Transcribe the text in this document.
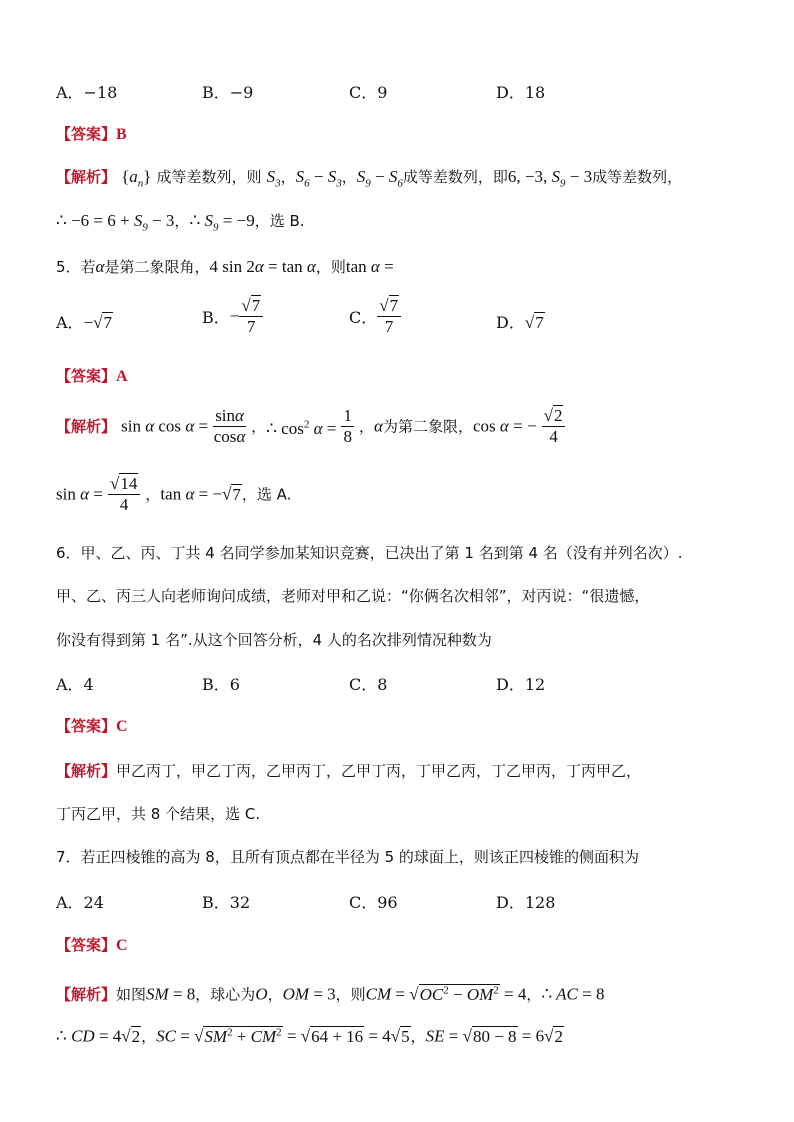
A．−18	B．−9	C．9	D．18
【答案】B
【解析】 $\{a_n\}$ 成等差数列，则 $S_3$，$S_6 - S_3$，$S_9 - S_6$成等差数列，即6, −3, $S_9 - 3$成等差数列，
∴ $-6 = 6 + S_9 - 3$，∴ $S_9 = -9$，选 B.
5．若α是第二象限角，4 sin 2α = tan α，则tan α =
A．−√7	B．− $\frac{√7}{7}$	C． $\frac{√7}{7}$	D．√7
【答案】A
【解析】 sin α $\cos \alpha = \frac{\sin\alpha}{\cos\alpha}$ ，∴ $\cos^2 \alpha = \frac{1}{8}$ ，α为第二象限，cos α = − $\frac{√2}{4}$
$\sin \alpha = \frac{√14}{4}$ ，tan α = −√7，选 A.
6．甲、乙、丙、丁共 4 名同学参加某知识竞赛，已决出了第 1 名到第 4 名（没有并列名次）.
甲、乙、丙三人向老师询问成绩，老师对甲和乙说：“你俩名次相邻”，对丙说：“很遗憾，
你没有得到第 1 名”.从这个回答分析，4 人的名次排列情况种数为
A．4	B．6	C．8	D．12
【答案】C
【解析】甲乙丙丁，甲乙丁丙，乙甲丙丁，乙甲丁丙，丁甲乙丙，丁乙甲丙，丁丙甲乙，
丁丙乙甲，共 8 个结果，选 C.
7．若正四棱锥的高为 8，且所有顶点都在半径为 5 的球面上，则该正四棱锥的侧面积为
A．24	B．32	C．96	D．128
【答案】C
【解析】如图SM = 8，球心为O，OM = 3，则CM = $√OC^2 - OM^2 = 4$，∴ AC = 8
∴ CD = 4√2，SC = $√SM^2 + CM^2 = √64 + 16 = 4√5$，SE = √80 − 8 = 6√2
